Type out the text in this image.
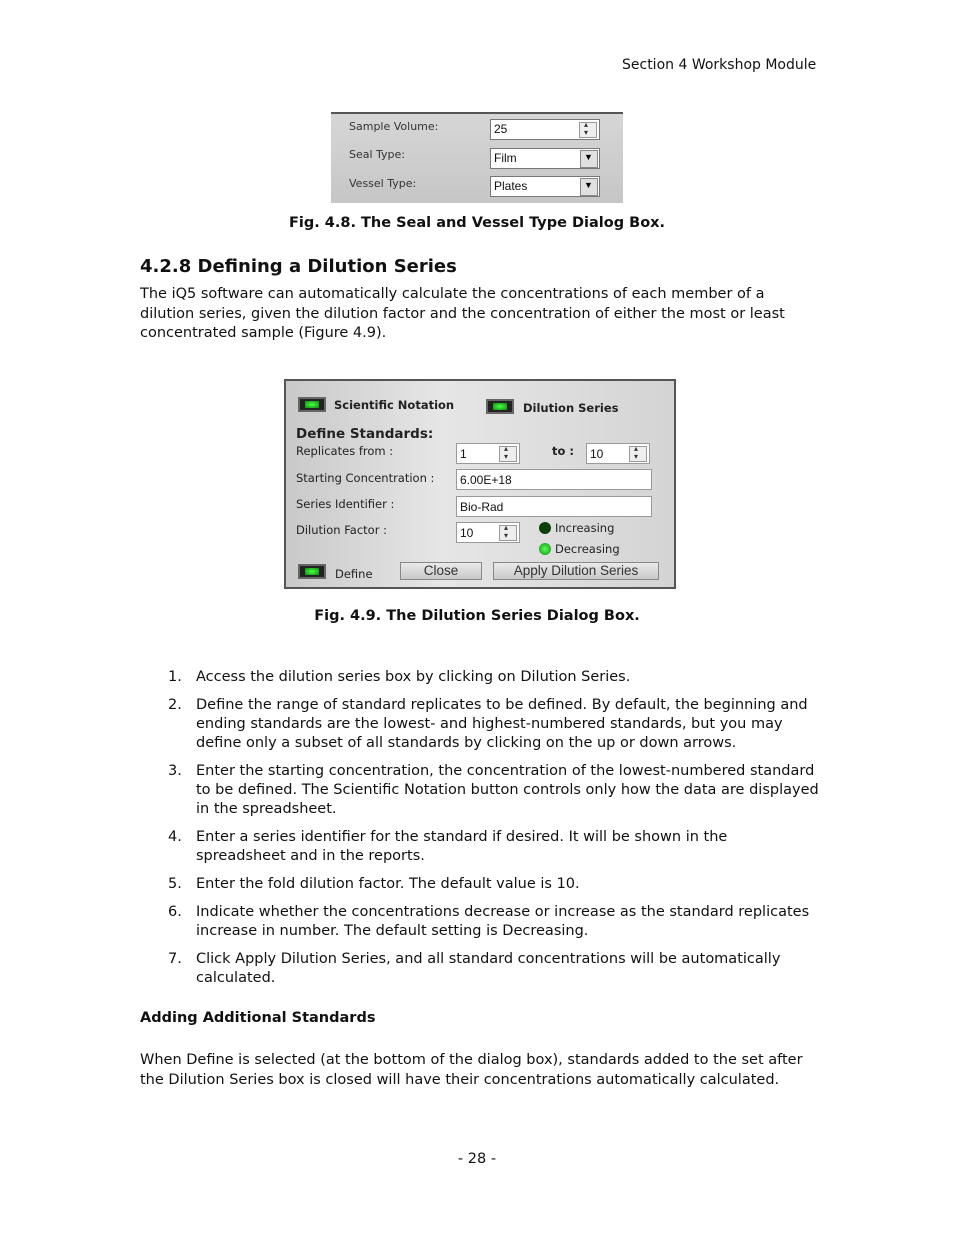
Section 4 Workshop Module
Sample Volume:	25
▴ ▾
Seal Type:	Film
▼
Vessel Type:	Plates
▼
Fig. 4.8. The Seal and Vessel Type Dialog Box.
4.2.8 Defining a Dilution Series
The iQ5 software can automatically calculate the concentrations of each member of a dilution series, given the dilution factor and the concentration of either the most or least concentrated sample (Figure 4.9).
Scientific Notation	Dilution Series
Define Standards:
Replicates from :	1 ▴ ▾	to : 10
▴ ▾
Starting Concentration : 6.00E+18
Series Identifier :	Bio-Rad
Dilution Factor :	10 ▴ ▾	Increasing
Decreasing
Define	Close	Apply Dilution Series
Fig. 4.9. The Dilution Series Dialog Box.
1. Access the dilution series box by clicking on Dilution Series.
2. Define the range of standard replicates to be defined. By default, the beginning and ending standards are the lowest- and highest-numbered standards, but you may define only a subset of all standards by clicking on the up or down arrows.
3. Enter the starting concentration, the concentration of the lowest-numbered standard to be defined. The Scientific Notation button controls only how the data are displayed in the spreadsheet.
4. Enter a series identifier for the standard if desired. It will be shown in the spreadsheet and in the reports.
5. Enter the fold dilution factor. The default value is 10.
6. Indicate whether the concentrations decrease or increase as the standard replicates increase in number. The default setting is Decreasing.
7. Click Apply Dilution Series, and all standard concentrations will be automatically calculated.
Adding Additional Standards
When Define is selected (at the bottom of the dialog box), standards added to the set after the Dilution Series box is closed will have their concentrations automatically calculated.
- 28 -
